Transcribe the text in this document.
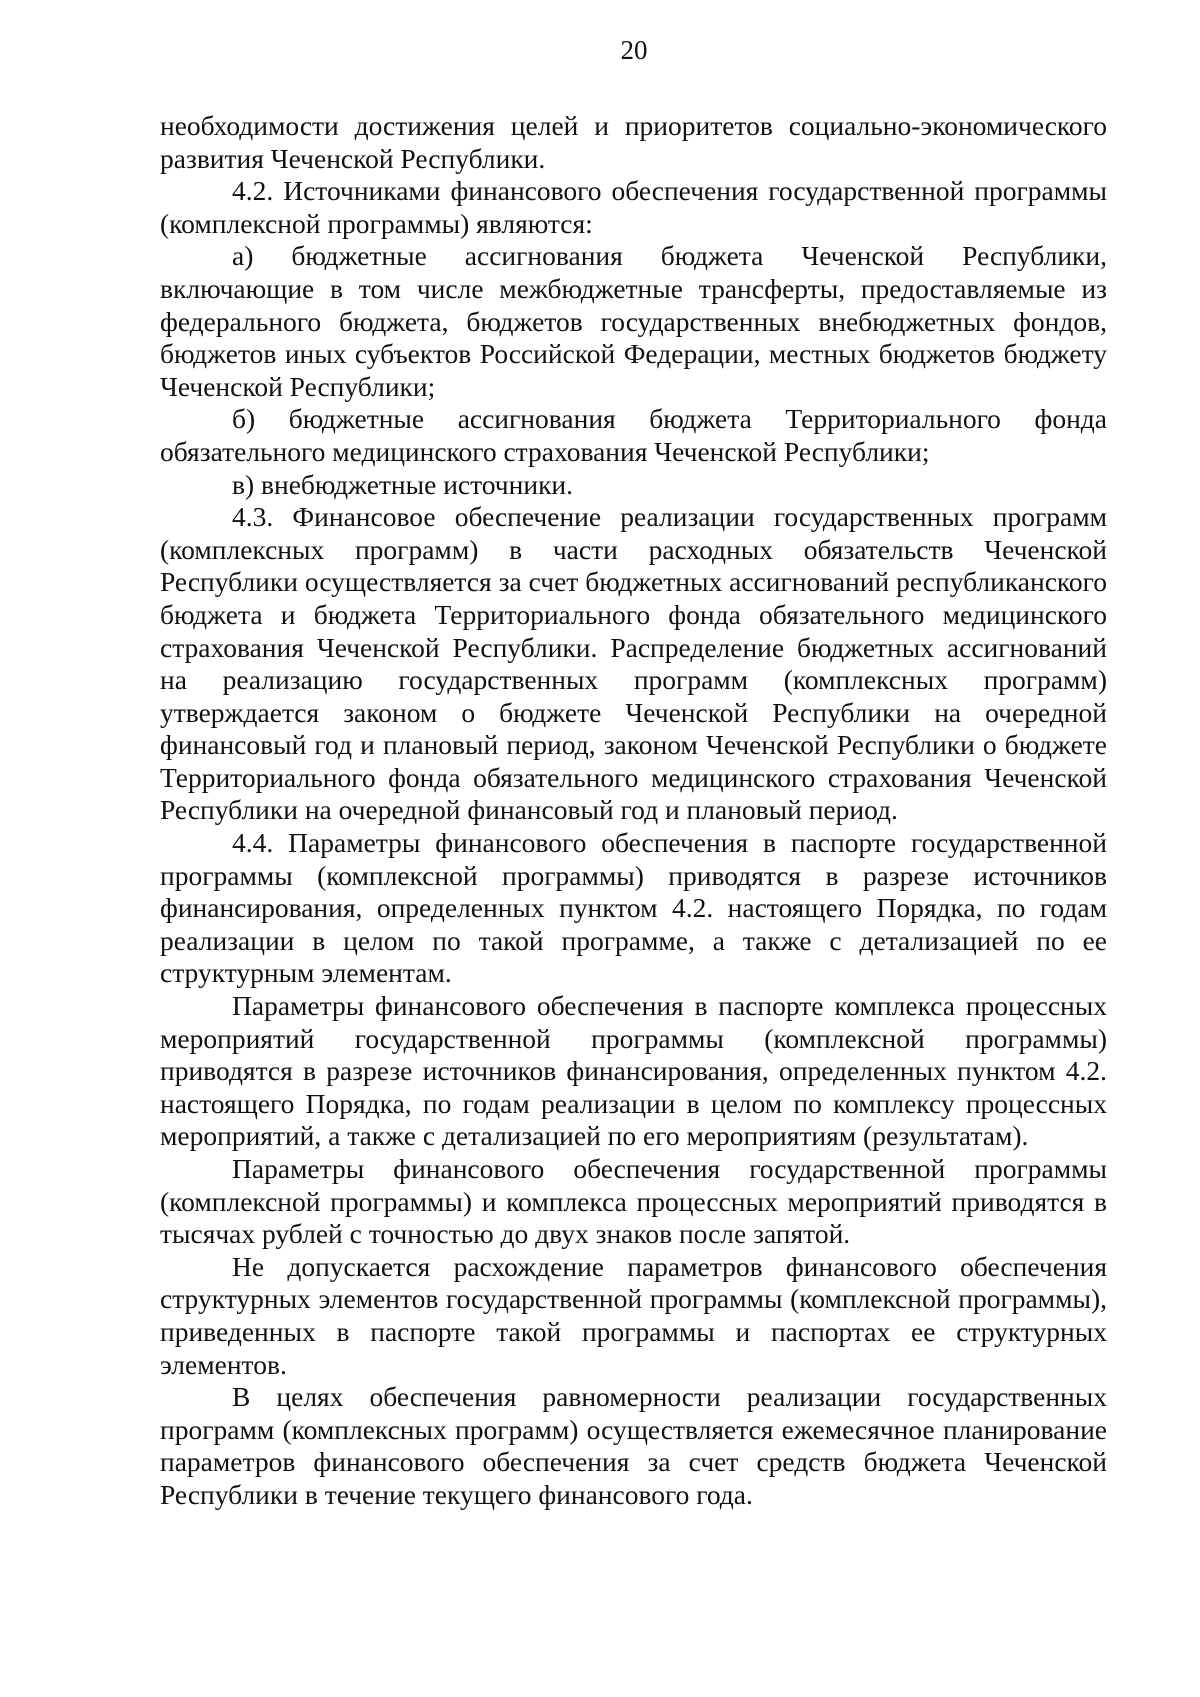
20

необходимости достижения целей и приоритетов социально-экономического развития Чеченской Республики.

4.2. Источниками финансового обеспечения государственной программы (комплексной программы) являются:

а) бюджетные ассигнования бюджета Чеченской Республики, включающие в том числе межбюджетные трансферты, предоставляемые из федерального бюджета, бюджетов государственных внебюджетных фондов, бюджетов иных субъектов Российской Федерации, местных бюджетов бюджету Чеченской Республики;

б) бюджетные ассигнования бюджета Территориального фонда обязательного медицинского страхования Чеченской Республики;

в) внебюджетные источники.

4.3. Финансовое обеспечение реализации государственных программ (комплексных программ) в части расходных обязательств Чеченской Республики осуществляется за счет бюджетных ассигнований республиканского бюджета и бюджета Территориального фонда обязательного медицинского страхования Чеченской Республики. Распределение бюджетных ассигнований на реализацию государственных программ (комплексных программ) утверждается законом о бюджете Чеченской Республики на очередной финансовый год и плановый период, законом Чеченской Республики о бюджете Территориального фонда обязательного медицинского страхования Чеченской Республики на очередной финансовый год и плановый период.

4.4. Параметры финансового обеспечения в паспорте государственной программы (комплексной программы) приводятся в разрезе источников финансирования, определенных пунктом 4.2. настоящего Порядка, по годам реализации в целом по такой программе, а также с детализацией по ее структурным элементам.

Параметры финансового обеспечения в паспорте комплекса процессных мероприятий государственной программы (комплексной программы) приводятся в разрезе источников финансирования, определенных пунктом 4.2. настоящего Порядка, по годам реализации в целом по комплексу процессных мероприятий, а также с детализацией по его мероприятиям (результатам).

Параметры финансового обеспечения государственной программы (комплексной программы) и комплекса процессных мероприятий приводятся в тысячах рублей с точностью до двух знаков после запятой.

Не допускается расхождение параметров финансового обеспечения структурных элементов государственной программы (комплексной программы), приведенных в паспорте такой программы и паспортах ее структурных элементов.

В целях обеспечения равномерности реализации государственных программ (комплексных программ) осуществляется ежемесячное планирование параметров финансового обеспечения за счет средств бюджета Чеченской Республики в течение текущего финансового года.
